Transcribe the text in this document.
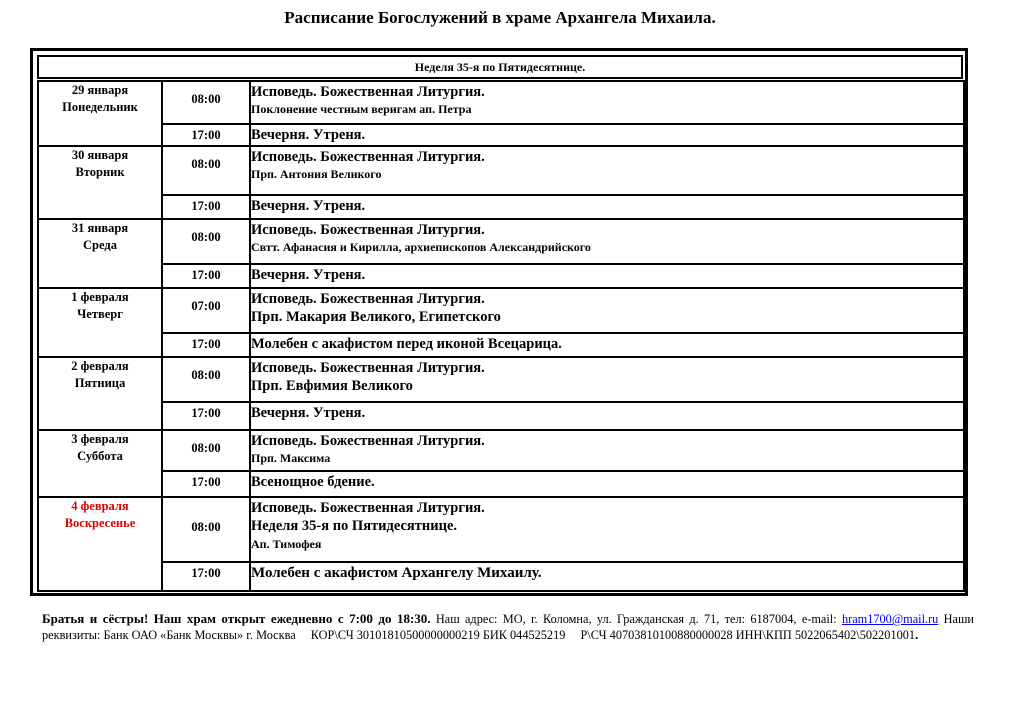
Расписание Богослужений в храме Архангела Михаила.
Неделя 35-я по Пятидесятнице.
29 января
Понедельник	08:00	Исповедь. Божественная Литургия.
Поклонение честным веригам ап. Петра

	17:00	Вечерня. Утреня.

30 января
Вторник	08:00	Исповедь. Божественная Литургия.
Прп. Антония Великого

	17:00	Вечерня. Утреня.

31 января
Среда	08:00	Исповедь. Божественная Литургия.
Свтт. Афанасия и Кирилла, архиепископов Александрийского

	17:00	Вечерня. Утреня.

1 февраля
Четверг	07:00	Исповедь. Божественная Литургия.
Прп. Макария Великого, Египетского

	17:00	Молебен с акафистом перед иконой Всецарица.

2 февраля
Пятница	08:00	Исповедь. Божественная Литургия.
Прп. Евфимия Великого

	17:00	Вечерня. Утреня.

3 февраля
Суббота	08:00	Исповедь. Божественная Литургия.
Прп. Максима

	17:00	Всенощное бдение.

4 февраля
Воскресенье	08:00	Исповедь. Божественная Литургия.
Неделя 35-я по Пятидесятнице.
Ап. Тимофея

	17:00	Молебен с акафистом Архангелу Михаилу.
Братья и сёстры! Наш храм открыт ежедневно с 7:00 до 18:30. Наш адрес: МО, г. Коломна, ул. Гражданская д. 71, тел: 6187004, e-mail: hram1700@mail.ru Наши реквизиты: Банк ОАО «Банк Москвы» г. Москва КОР\СЧ 30101810500000000219 БИК 044525219 Р\СЧ 40703810100880000028 ИНН\КПП 5022065402\502201001.
